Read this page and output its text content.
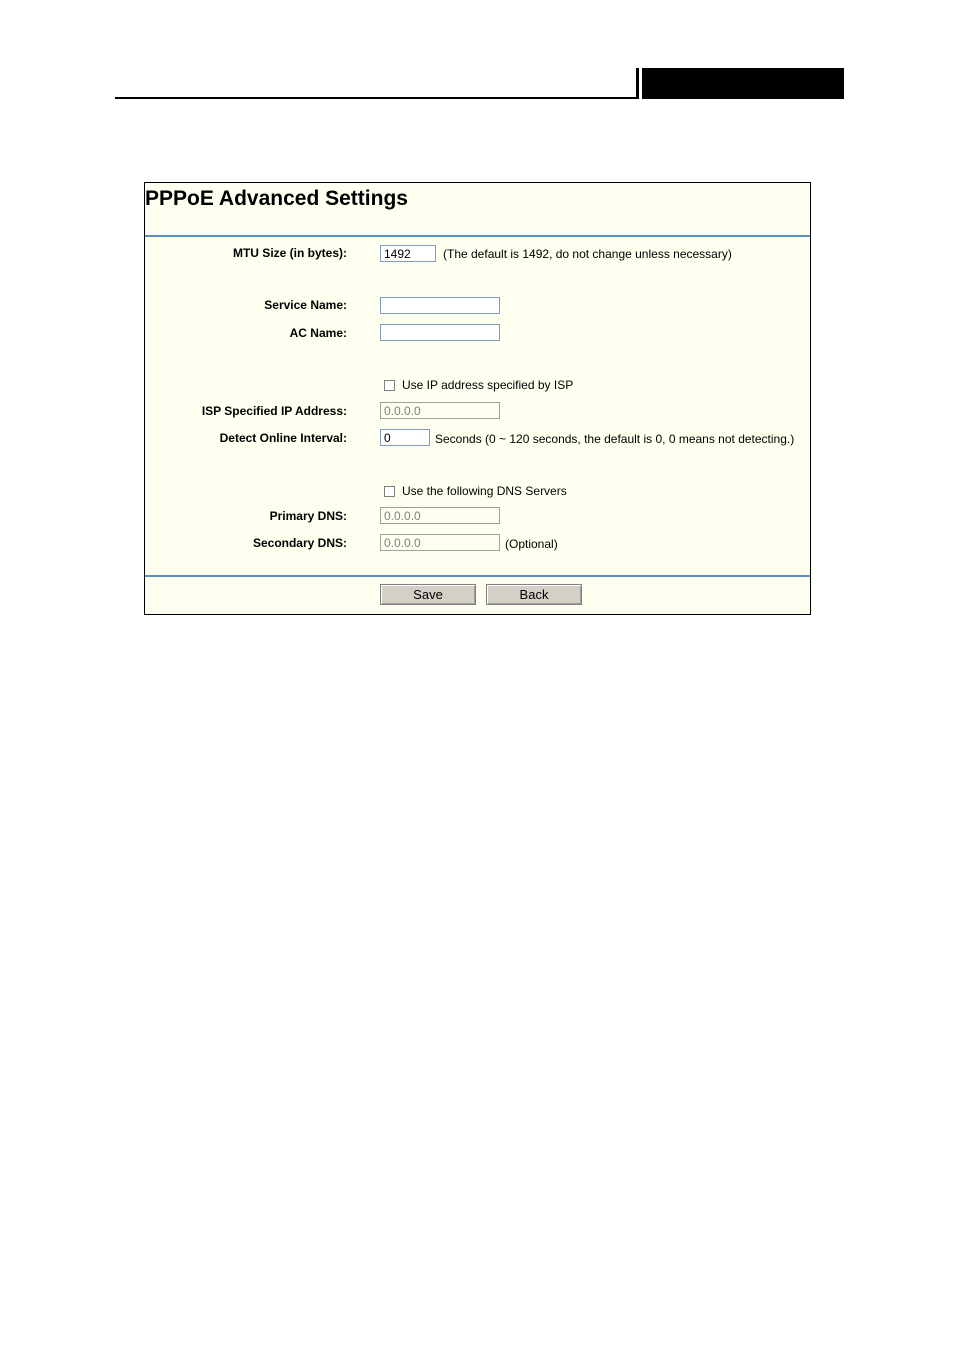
PPPoE Advanced Settings
MTU Size (in bytes):
1492	(The default is 1492, do not change unless necessary)
Service Name:
AC Name:
Use IP address specified by ISP
ISP Specified IP Address:
0.0.0.0
Detect Online Interval:
0	Seconds (0 ~ 120 seconds, the default is 0, 0 means not detecting.)
Use the following DNS Servers
Primary DNS:
0.0.0.0
Secondary DNS:
0.0.0.0	(Optional)
Save	Back
